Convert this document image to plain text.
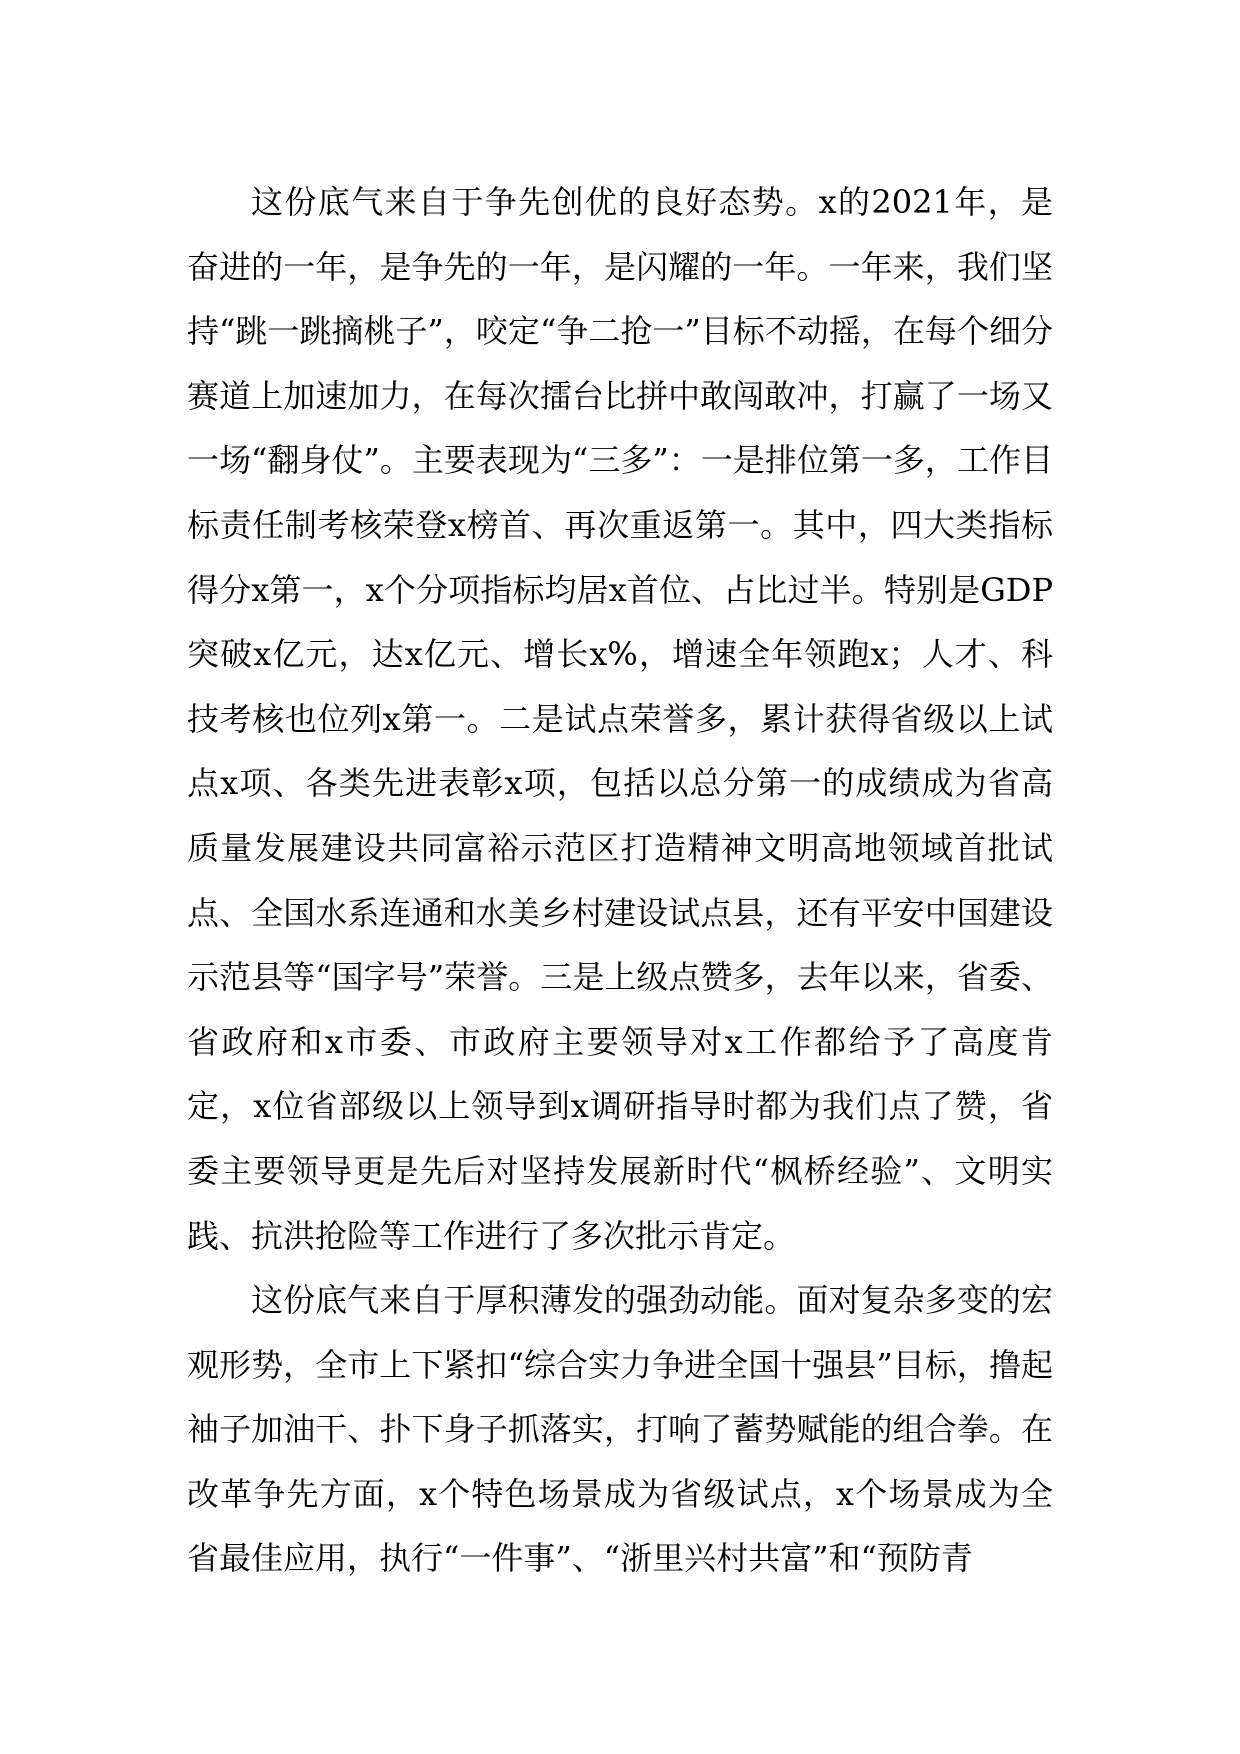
这份底气来自于争先创优的良好态势。x的2021年，是奋进的一年，是争先的一年，是闪耀的一年。一年来，我们坚持“跳一跳摘桃子”，咬定“争二抢一”目标不动摇，在每个细分赛道上加速加力，在每次擂台比拼中敢闯敢冲，打赢了一场又一场“翻身仗”。主要表现为“三多”：一是排位第一多，工作目标责任制考核荣登x榜首、再次重返第一。其中，四大类指标得分x第一，x个分项指标均居x首位、占比过半。特别是GDP突破x亿元，达x亿元、增长x%，增速全年领跑x；人才、科技考核也位列x第一。二是试点荣誉多，累计获得省级以上试点x项、各类先进表彰x项，包括以总分第一的成绩成为省高质量发展建设共同富裕示范区打造精神文明高地领域首批试点、全国水系连通和水美乡村建设试点县，还有平安中国建设示范县等“国字号”荣誉。三是上级点赞多，去年以来，省委、省政府和x市委、市政府主要领导对x工作都给予了高度肯定，x位省部级以上领导到x调研指导时都为我们点了赞，省委主要领导更是先后对坚持发展新时代“枫桥经验”、文明实践、抗洪抢险等工作进行了多次批示肯定。

这份底气来自于厚积薄发的强劲动能。面对复杂多变的宏观形势，全市上下紧扣“综合实力争进全国十强县”目标，撸起袖子加油干、扑下身子抓落实，打响了蓄势赋能的组合拳。在改革争先方面，x个特色场景成为省级试点，x个场景成为全省最佳应用，执行“一件事”、“浙里兴村共富”和“预防青
